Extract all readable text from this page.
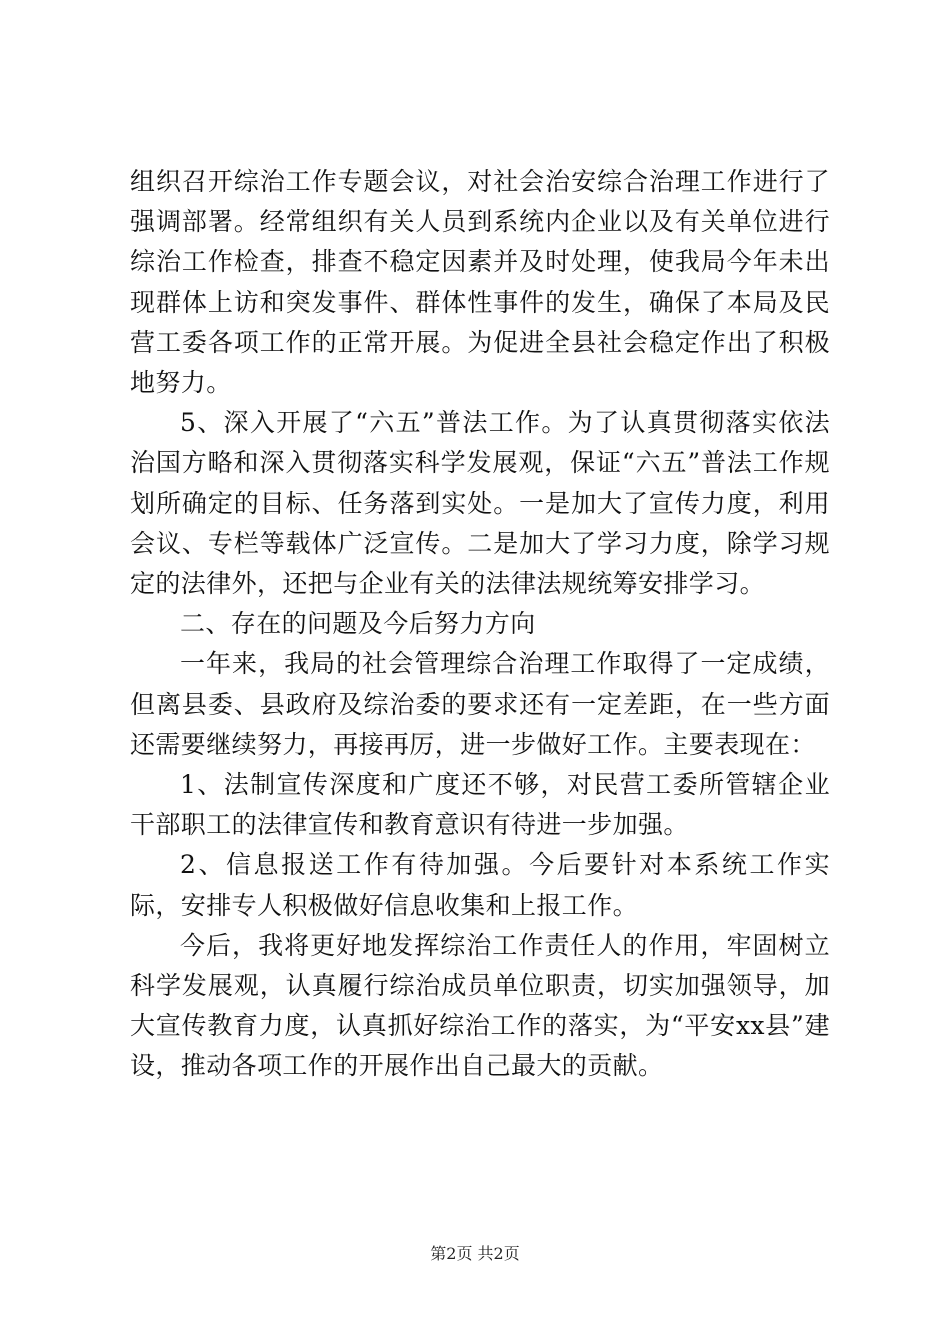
组织召开综治工作专题会议，对社会治安综合治理工作进行了强调部署。经常组织有关人员到系统内企业以及有关单位进行综治工作检查，排查不稳定因素并及时处理，使我局今年未出现群体上访和突发事件、群体性事件的发生，确保了本局及民营工委各项工作的正常开展。为促进全县社会稳定作出了积极地努力。

5、深入开展了“六五”普法工作。为了认真贯彻落实依法治国方略和深入贯彻落实科学发展观，保证“六五”普法工作规划所确定的目标、任务落到实处。一是加大了宣传力度，利用会议、专栏等载体广泛宣传。二是加大了学习力度，除学习规定的法律外，还把与企业有关的法律法规统筹安排学习。

二、存在的问题及今后努力方向

一年来，我局的社会管理综合治理工作取得了一定成绩，但离县委、县政府及综治委的要求还有一定差距，在一些方面还需要继续努力，再接再厉，进一步做好工作。主要表现在：

1、法制宣传深度和广度还不够，对民营工委所管辖企业干部职工的法律宣传和教育意识有待进一步加强。

2、信息报送工作有待加强。今后要针对本系统工作实际，安排专人积极做好信息收集和上报工作。

今后，我将更好地发挥综治工作责任人的作用，牢固树立科学发展观，认真履行综治成员单位职责，切实加强领导，加大宣传教育力度，认真抓好综治工作的落实，为“平安xx县”建设，推动各项工作的开展作出自己最大的贡献。

第2页 共2页
